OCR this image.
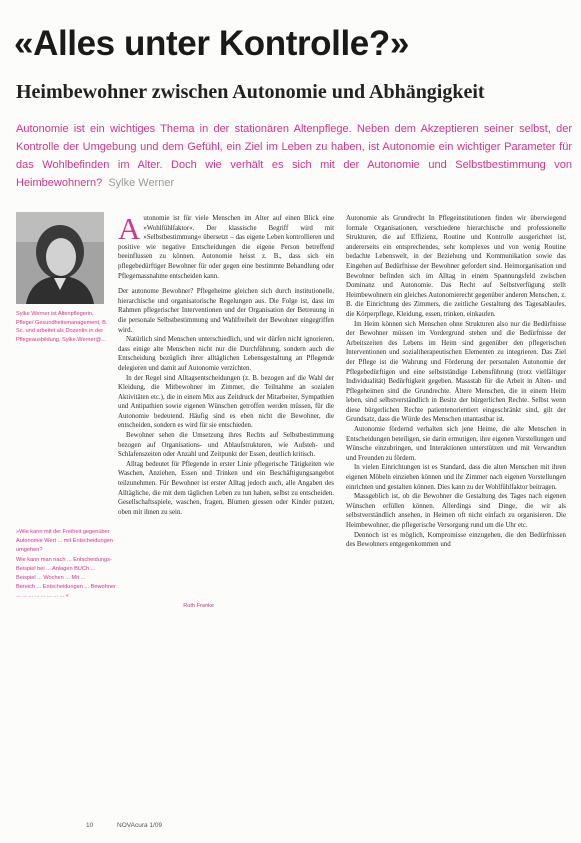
«Alles unter Kontrolle?»
Heimbewohner zwischen Autonomie und Abhängigkeit
Autonomie ist ein wichtiges Thema in der stationären Altenpflege. Neben dem Akzeptieren seiner selbst, der Kontrolle der Umgebung und dem Gefühl, ein Ziel im Leben zu haben, ist Autonomie ein wichtiger Parameter für das Wohlbefinden im Alter. Doch wie verhält es sich mit der Autonomie und Selbstbestimmung von Heimbewohnern? Sylke Werner
Sylke Werner ist Altenpflegerin, Pflege/ Gesundheitsmanagement, B. Sc. und arbeitet als Dozentin in der Pflegeausbildung. Sylke.Werner@...
»Wie kann mit der Freiheit gegenüber
Autonomie Wert ... mit Entscheidungen
umgehen?
Wie kann man nach ... Entscheidungs-
Beispiel bei ... Anlagen BUCh ...
Beispiel ... Wochen ... Mit ...
Bereich ... Entscheidungen ... Bewohner
... ... ... ... ... ... ... ... «
Ruth Franke

Autonomie ist für viele Menschen im Alter auf einen Blick eine »Wohlfühlfaktor«. Der klassische Begriff wird mit »Selbstbestimmung« übersetzt – das eigene Leben kontrollieren und positive wie negative Entscheidungen die eigene Person betreffend beeinflussen zu können. Autonomie heisst z. B., dass sich ein pflegebedürftiger Bewohner für oder gegen eine bestimmte Behandlung oder Pflegemassnahme entscheiden kann.

Der autonome Bewohner? Pflegeheime gleichen sich durch institutionelle, hierarchische und organisatorische Regelungen aus. Die Folge ist, dass im Rahmen pflegerischer Interventionen und der Organisation der Betreuung in die personale Selbstbestimmung und Wahlfreiheit der Bewohner eingegriffen wird.

Natürlich sind Menschen unterschiedlich, und wir dürfen nicht ignorieren, dass einige alte Menschen nicht nur die Durchführung, sondern auch die Entscheidung bezüglich ihrer alltäglichen Lebensgestaltung an Pflegende delegieren und damit auf Autonomie verzichten.

In der Regel sind Alltagsentscheidungen (z. B. bezogen auf die Wahl der Kleidung, die Mitbewohner im Zimmer, die Teilnahme an sozialen Aktivitäten etc.), die in einem Mix aus Zeitdruck der Mitarbeiter, Sympathien und Antipathien sowie eigenen Wünschen getroffen werden müssen, für die Autonomie bedeutend. Häufig sind es eben nicht die Bewohner, die entscheiden, sondern es wird für sie entschieden.

Bewohner sehen die Umsetzung ihres Rechts auf Selbstbestimmung bezogen auf Organisations- und Ablaufstrukturen, wie Aufsteh- und Schlafenszeiten oder Anzahl und Zeitpunkt der Essen, deutlich kritisch.

Alltag bedeutet für Pflegende in erster Linie pflegerische Tätigkeiten wie Waschen, Anziehen, Essen und Trinken und ein Beschäftigungsangebot teilzunehmen. Für Bewohner ist erster Alltag jedoch auch, alle Angaben des Alltägliche, die mit dem täglichen Leben zu tun haben, selbst zu entscheiden. Gesellschaftsspiele, waschen, fragen, Blumen giessen oder Kinder putzen, oben mit ihnen zu sein.

Autonomie als Grundrecht In Pflegeinstitutionen finden wir überwiegend formale Organisationen, verschiedene hierarchische und professionelle Strukturen, die auf Effizienz, Routine und Kontrolle ausgerichtet ist, andererseits ein entsprechendes, sehr komplexes und von wenig Routine bedachte Lebenswelt, in der Beziehung und Kommunikation sowie das Eingehen auf Bedürfnisse der Bewohner gefordert sind. Heimorganisation und Bewohner befinden sich im Alltag in einem Spannungsfeld zwischen Dominanz und Autonomie. Das Recht auf Selbstverfügung stellt Heimbewohnern ein gleiches Autonomierecht gegenüber anderen Menschen, z. B. die Einrichtung des Zimmers, die zeitliche Gestaltung des Tagesablaufes, die Körperpflege, Kleidung, essen, trinken, einkaufen.

Im Heim können sich Menschen ohne Strukturen also nur die Bedürfnisse der Bewohner müssen im Vordergrund stehen und die Bedürfnisse der Arbeitszeiten des Lebens im Heim sind gegenüber den pflegerischen Interventionen und sozialtherapeutischen Elementen zu integrieren. Das Ziel der Pflege ist die Wahrung und Förderung der personalen Autonomie der Pflegebedürftigen und eine selbstständige Lebensführung (trotz vielfältiger Individualität) Bedürftigkeit gegeben. Massstab für die Arbeit in Alten- und Pflegeheimen sind die Grundrechte. Ältere Menschen, die in einem Heim leben, sind selbstverständlich in Besitz der bürgerlichen Rechte. Selbst wenn diese bürgerlichen Rechte patientenorientiert eingeschränkt sind, gilt der Grundsatz, dass die Würde des Menschen unantastbar ist.

Autonomie fördernd verhalten sich jene Heime, die alte Menschen in Entscheidungen beteiligen, sie darin ermutigen, ihre eigenen Vorstellungen und Wünsche einzubringen, und Interaktionen unterstützen und mit Verwandten und Freunden zu fördern.

In vielen Einrichtungen ist es Standard, dass die alten Menschen mit ihren eigenen Möbeln einziehen können und ihr Zimmer nach eigenen Vorstellungen einrichten und gestalten können. Dies kann zu der Wohlfühlfaktor beitragen.

Massgeblich ist, ob die Bewohner die Gestaltung des Tages nach eigenen Wünschen erfüllen können. Allerdings sind Dinge, die wir als selbstverständlich ansehen, in Heimen oft nicht einfach zu organisieren. Die Heimbewohner, die pflegerische Versorgung rund um die Uhr etc.

Dennoch ist es möglich, Kompromisse einzugehen, die den Bedürfnissen des Bewohners entgegenkommen und

10	NOVAcura 1/09
